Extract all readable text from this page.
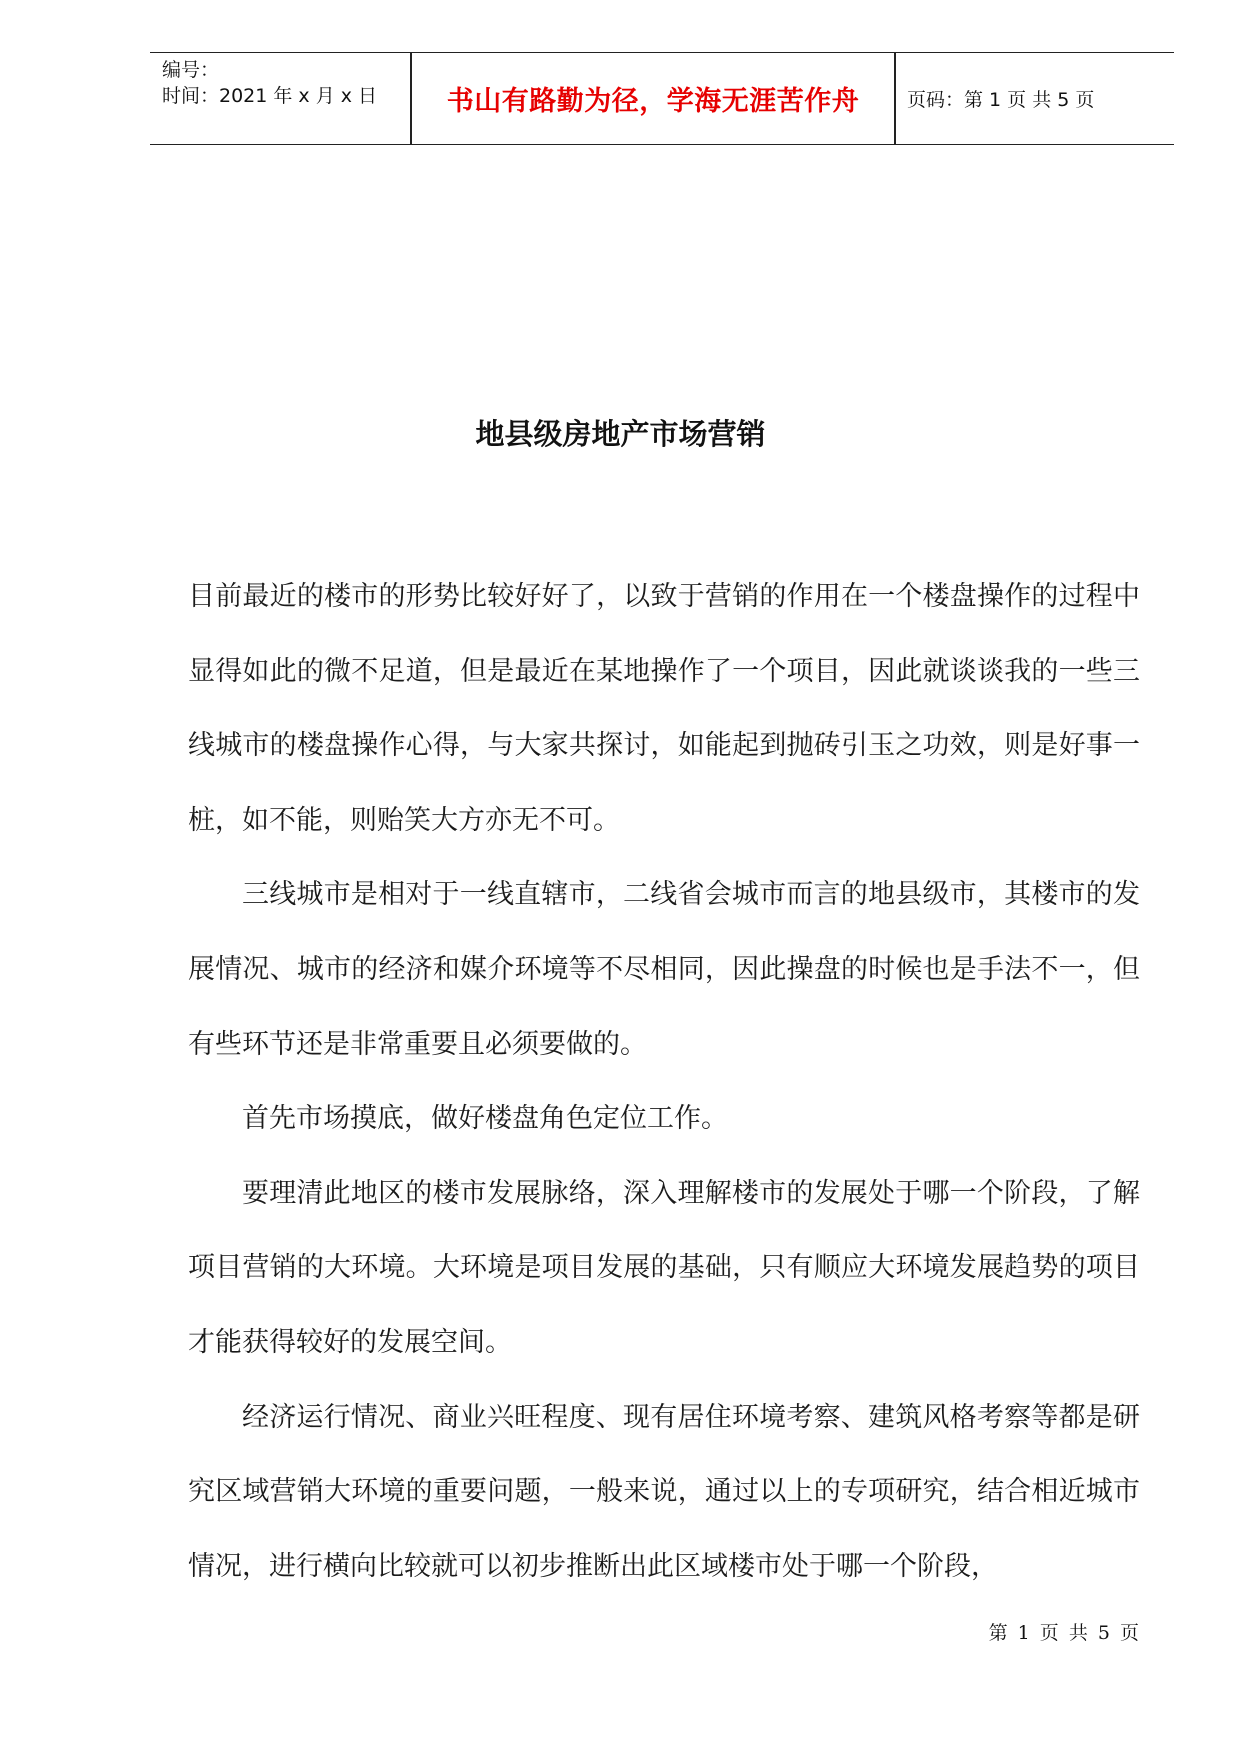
编号：
时间：2021 年 x 月 x 日	书山有路勤为径，学海无涯苦作舟	页码：第 1 页 共 5 页
地县级房地产市场营销

目前最近的楼市的形势比较好好了，以致于营销的作用在一个楼盘操作的过程中显得如此的微不足道，但是最近在某地操作了一个项目，因此就谈谈我的一些三线城市的楼盘操作心得，与大家共探讨，如能起到抛砖引玉之功效，则是好事一桩，如不能，则贻笑大方亦无不可。

三线城市是相对于一线直辖市，二线省会城市而言的地县级市，其楼市的发展情况、城市的经济和媒介环境等不尽相同，因此操盘的时候也是手法不一，但有些环节还是非常重要且必须要做的。

首先市场摸底，做好楼盘角色定位工作。

要理清此地区的楼市发展脉络，深入理解楼市的发展处于哪一个阶段，了解项目营销的大环境。大环境是项目发展的基础，只有顺应大环境发展趋势的项目才能获得较好的发展空间。

经济运行情况、商业兴旺程度、现有居住环境考察、建筑风格考察等都是研究区域营销大环境的重要问题，一般来说，通过以上的专项研究，结合相近城市情况，进行横向比较就可以初步推断出此区域楼市处于哪一个阶段，

第 1 页 共 5 页
